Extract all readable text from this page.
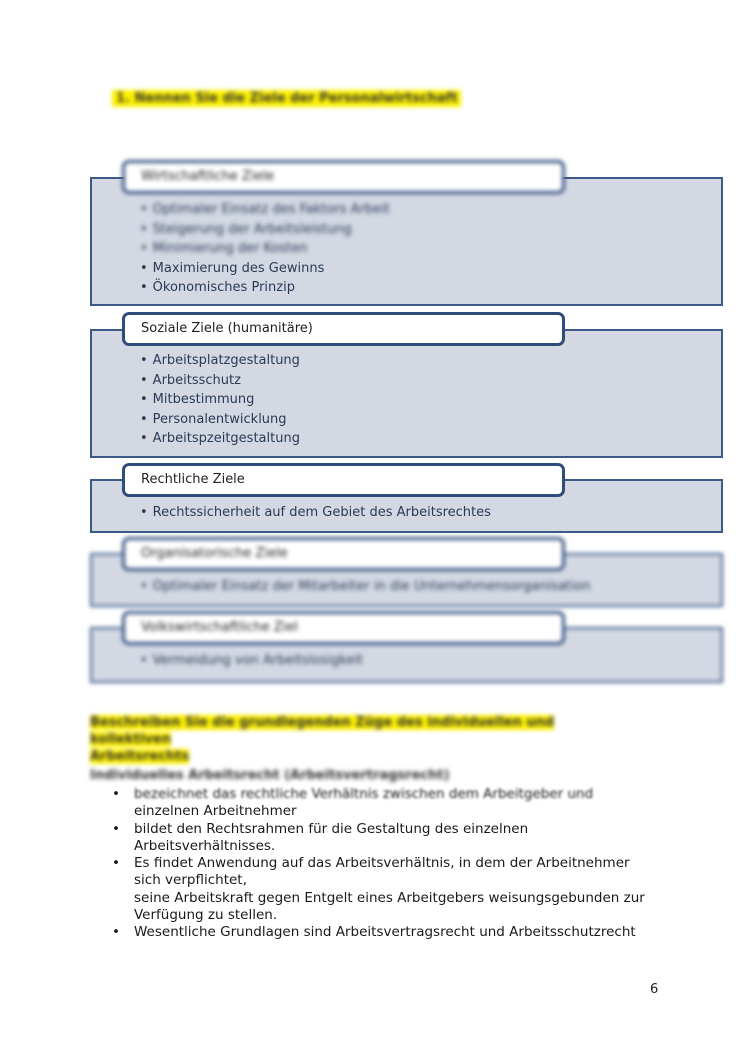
1. Nennen Sie die Ziele der Personalwirtschaft
Wirtschaftliche Ziele
• Optimaler Einsatz des Faktors Arbeit
• Steigerung der Arbeitsleistung
• Minimierung der Kosten
• Maximierung des Gewinns
• Ökonomisches Prinzip
Soziale Ziele (humanitäre)
• Arbeitsplatzgestaltung
• Arbeitsschutz
• Mitbestimmung
• Personalentwicklung
• Arbeitspzeitgestaltung
Rechtliche Ziele
• Rechtssicherheit auf dem Gebiet des Arbeitsrechtes
Organisatorische Ziele
• Optimaler Einsatz der Mitarbeiter in die Unternehmensorganisation
Volkswirtschaftliche Ziel
• Vermeidung von Arbeitslosigkeit
Beschreiben Sie die grundlegenden Züge des individuellen und kollektiven
Arbeitsrechts
Individuelles Arbeitsrecht (Arbeitsvertragsrecht)
• bezeichnet das rechtliche Verhältnis zwischen dem Arbeitgeber und
einzelnen Arbeitnehmer
• bildet den Rechtsrahmen für die Gestaltung des einzelnen
Arbeitsverhältnisses.
• Es findet Anwendung auf das Arbeitsverhältnis, in dem der Arbeitnehmer
sich verpflichtet,
seine Arbeitskraft gegen Entgelt eines Arbeitgebers weisungsgebunden zur
Verfügung zu stellen.
• Wesentliche Grundlagen sind Arbeitsvertragsrecht und Arbeitsschutzrecht
6
